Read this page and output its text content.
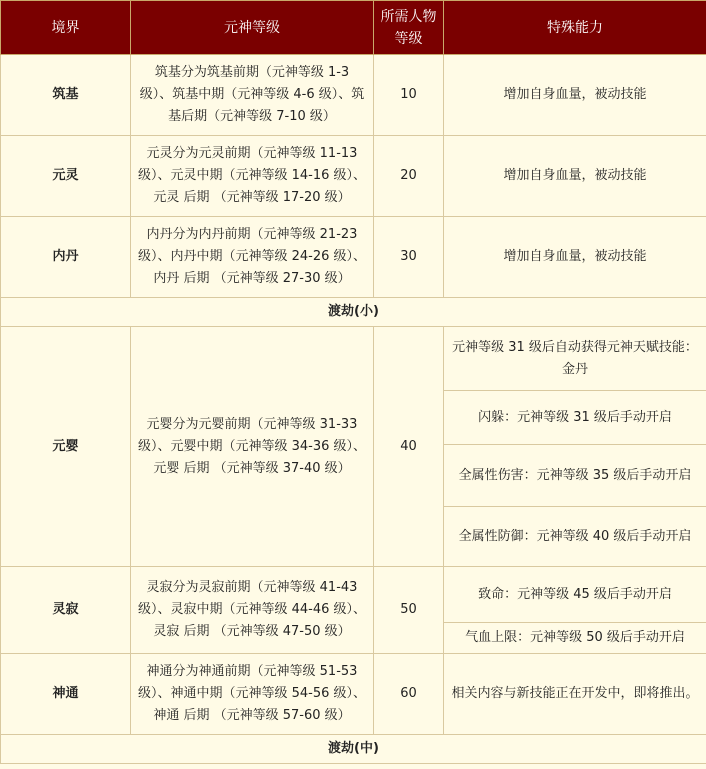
境界	元神等级	所需人物等级	特殊能力
筑基	筑基分为筑基前期（元神等级 1-3 级）、筑基中期（元神等级 4-6 级）、筑基后期（元神等级 7-10 级）	10	增加自身血量，被动技能
元灵	元灵分为元灵前期（元神等级 11-13 级）、元灵中期（元神等级 14-16 级）、元灵 后期 （元神等级 17-20 级）	20	增加自身血量，被动技能
内丹	内丹分为内丹前期（元神等级 21-23 级）、内丹中期（元神等级 24-26 级）、内丹 后期 （元神等级 27-30 级）	30	增加自身血量，被动技能
渡劫(小)			
元婴	元婴分为元婴前期（元神等级 31-33 级）、元婴中期（元神等级 34-36 级）、元婴 后期 （元神等级 37-40 级）	40	元神等级 31 级后自动获得元神天赋技能：金丹
			闪躲：元神等级 31 级后手动开启
			全属性伤害：元神等级 35 级后手动开启
			全属性防御：元神等级 40 级后手动开启
灵寂	灵寂分为灵寂前期（元神等级 41-43 级）、灵寂中期（元神等级 44-46 级）、灵寂 后期 （元神等级 47-50 级）	50	致命：元神等级 45 级后手动开启
			气血上限：元神等级 50 级后手动开启
神通	神通分为神通前期（元神等级 51-53 级）、神通中期（元神等级 54-56 级）、神通 后期 （元神等级 57-60 级）	60	相关内容与新技能正在开发中，即将推出。
渡劫(中)			
